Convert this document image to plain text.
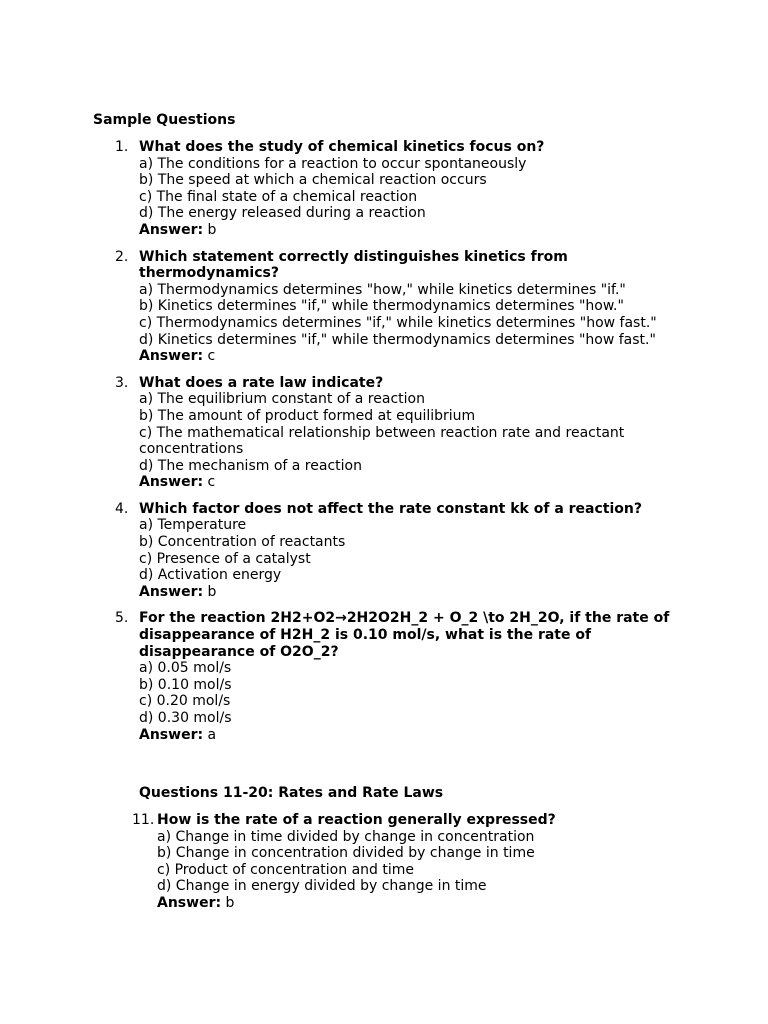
Sample Questions
1. What does the study of chemical kinetics focus on?
a) The conditions for a reaction to occur spontaneously
b) The speed at which a chemical reaction occurs
c) The final state of a chemical reaction
d) The energy released during a reaction
Answer: b
2. Which statement correctly distinguishes kinetics from thermodynamics?
a) Thermodynamics determines "how," while kinetics determines "if."
b) Kinetics determines "if," while thermodynamics determines "how."
c) Thermodynamics determines "if," while kinetics determines "how fast."
d) Kinetics determines "if," while thermodynamics determines "how fast."
Answer: c
3. What does a rate law indicate?
a) The equilibrium constant of a reaction
b) The amount of product formed at equilibrium
c) The mathematical relationship between reaction rate and reactant concentrations
d) The mechanism of a reaction
Answer: c
4. Which factor does not affect the rate constant kk of a reaction?
a) Temperature
b) Concentration of reactants
c) Presence of a catalyst
d) Activation energy
Answer: b
5. For the reaction 2H2+O2→2H2O2H_2 + O_2 \to 2H_2O, if the rate of disappearance of H2H_2 is 0.10 mol/s, what is the rate of disappearance of O2O_2?
a) 0.05 mol/s
b) 0.10 mol/s
c) 0.20 mol/s
d) 0.30 mol/s
Answer: a
Questions 11-20: Rates and Rate Laws
11. How is the rate of a reaction generally expressed?
a) Change in time divided by change in concentration
b) Change in concentration divided by change in time
c) Product of concentration and time
d) Change in energy divided by change in time
Answer: b
